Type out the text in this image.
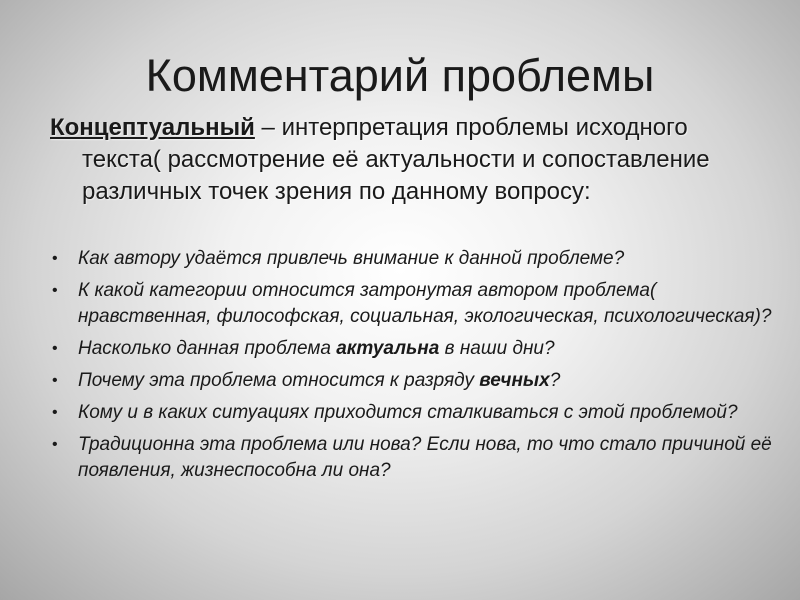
Комментарий проблемы
Концептуальный – интерпретация проблемы исходного
текста( рассмотрение её актуальности и сопоставление различных точек зрения по данному вопросу:
• Как автору удаётся привлечь внимание к данной проблеме?
• К какой категории относится затронутая автором проблема( нравственная, философская, социальная, экологическая, психологическая)?
• Насколько данная проблема актуальна в наши дни?
• Почему эта проблема относится к разряду вечных?
• Кому и в каких ситуациях приходится сталкиваться с этой проблемой?
• Традиционна эта проблема или нова? Если нова, то что стало причиной её появления, жизнеспособна ли она?
